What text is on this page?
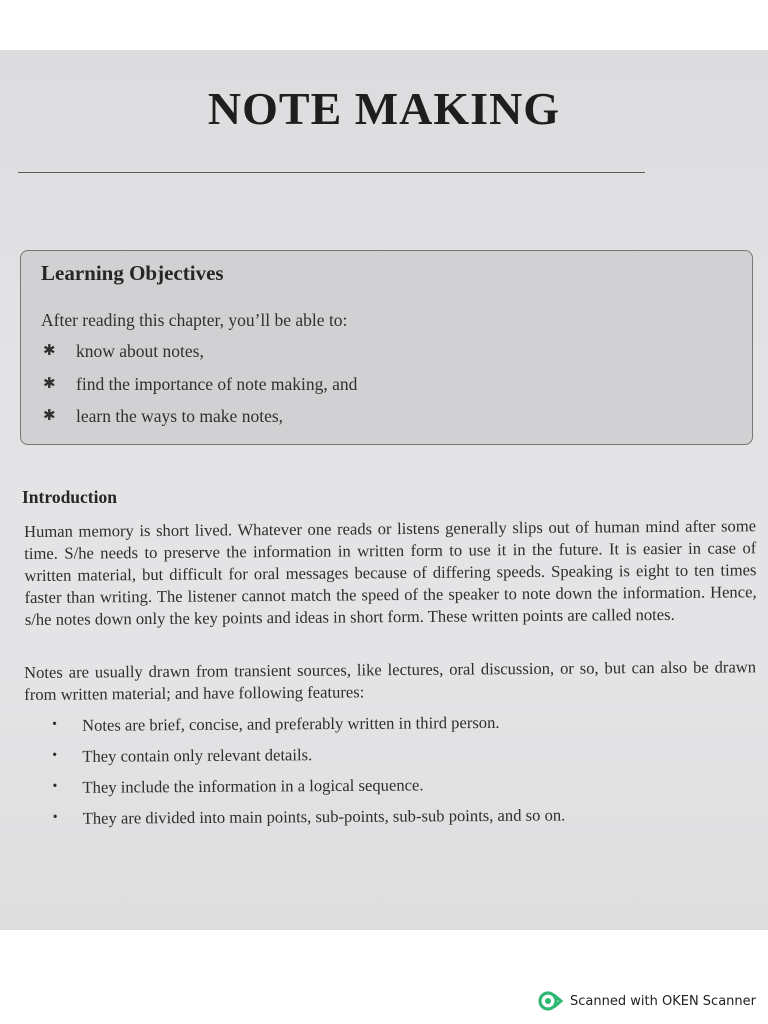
NOTE MAKING
Learning Objectives
After reading this chapter, you’ll be able to:
✱	know about notes,
✱	find the importance of note making, and
✱	learn the ways to make notes,
Introduction

Human memory is short lived. Whatever one reads or listens generally slips out of human mind after some time. S/he needs to preserve the information in written form to use it in the future. It is easier in case of written material, but difficult for oral messages because of differing speeds. Speaking is eight to ten times faster than writing. The listener cannot match the speed of the speaker to note down the information. Hence, s/he notes down only the key points and ideas in short form. These written points are called notes.

Notes are usually drawn from transient sources, like lectures, oral discussion, or so, but can also be drawn from written material; and have following features:

•	Notes are brief, concise, and preferably written in third person.
•	They contain only relevant details.
•	They include the information in a logical sequence.
•	They are divided into main points, sub-points, sub-sub points, and so on.
Scanned with OKEN Scanner
